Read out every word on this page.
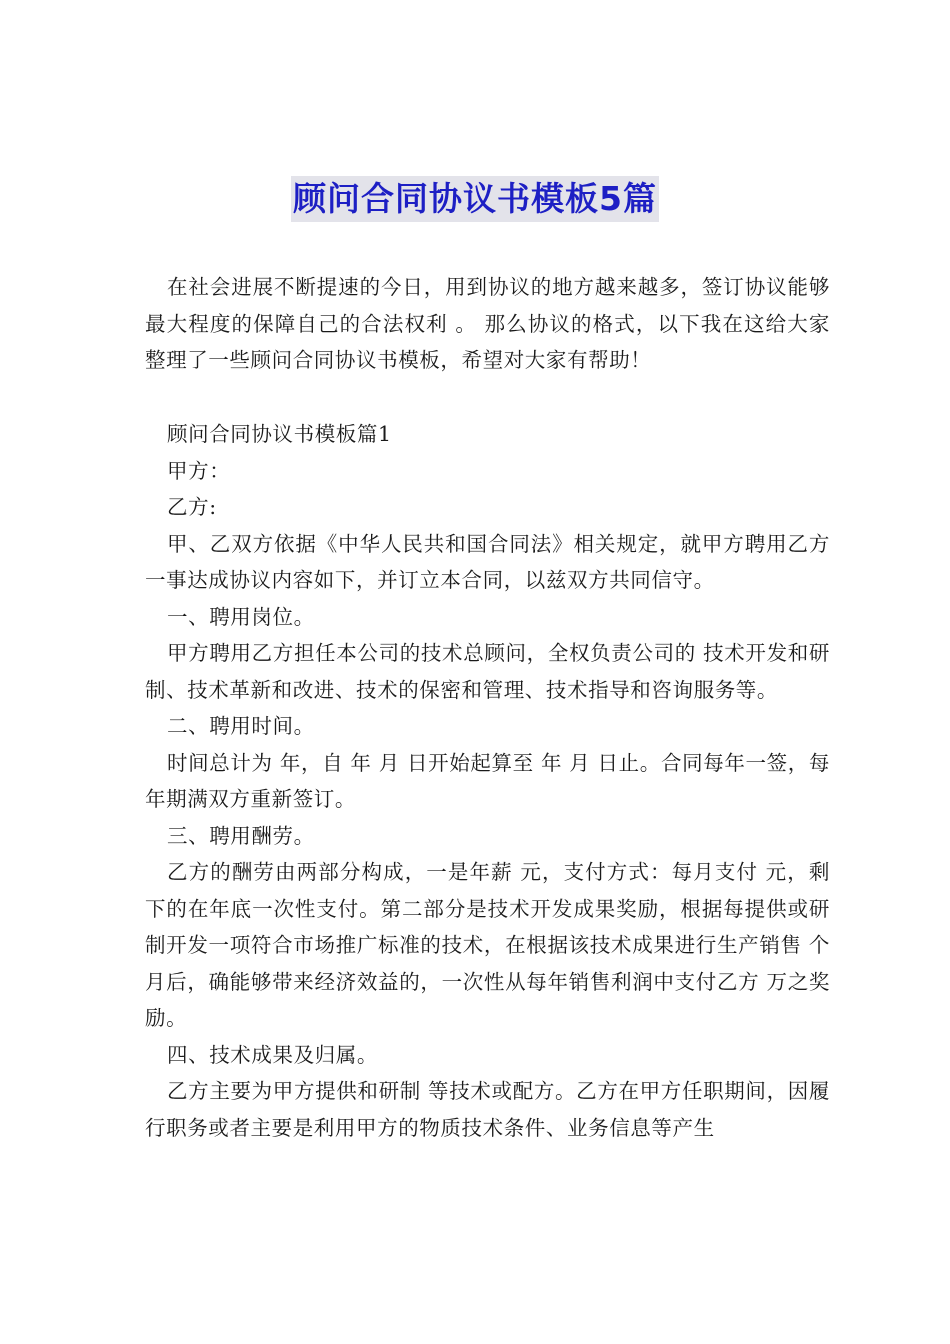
顾问合同协议书模板5篇

在社会进展不断提速的今日，用到协议的地方越来越多，签订协议能够最大程度的保障自己的合法权利 。 那么协议的格式，以下我在这给大家整理了一些顾问合同协议书模板，希望对大家有帮助！

顾问合同协议书模板篇1

甲方：

乙方:

甲、乙双方依据《中华人民共和国合同法》相关规定，就甲方聘用乙方一事达成协议内容如下，并订立本合同，以兹双方共同信守。

一、聘用岗位。

甲方聘用乙方担任本公司的技术总顾问，全权负责公司的 技术开发和研制、技术革新和改进、技术的保密和管理、技术指导和咨询服务等。

二、聘用时间。

时间总计为 年，自 年 月 日开始起算至 年 月 日止。合同每年一签，每年期满双方重新签订。

三、聘用酬劳。

乙方的酬劳由两部分构成，一是年薪 元，支付方式：每月支付 元，剩下的在年底一次性支付。第二部分是技术开发成果奖励，根据每提供或研制开发一项符合市场推广标准的技术，在根据该技术成果进行生产销售 个月后，确能够带来经济效益的，一次性从每年销售利润中支付乙方 万之奖励。

四、技术成果及归属。

乙方主要为甲方提供和研制 等技术或配方。乙方在甲方任职期间，因履行职务或者主要是利用甲方的物质技术条件、业务信息等产生
